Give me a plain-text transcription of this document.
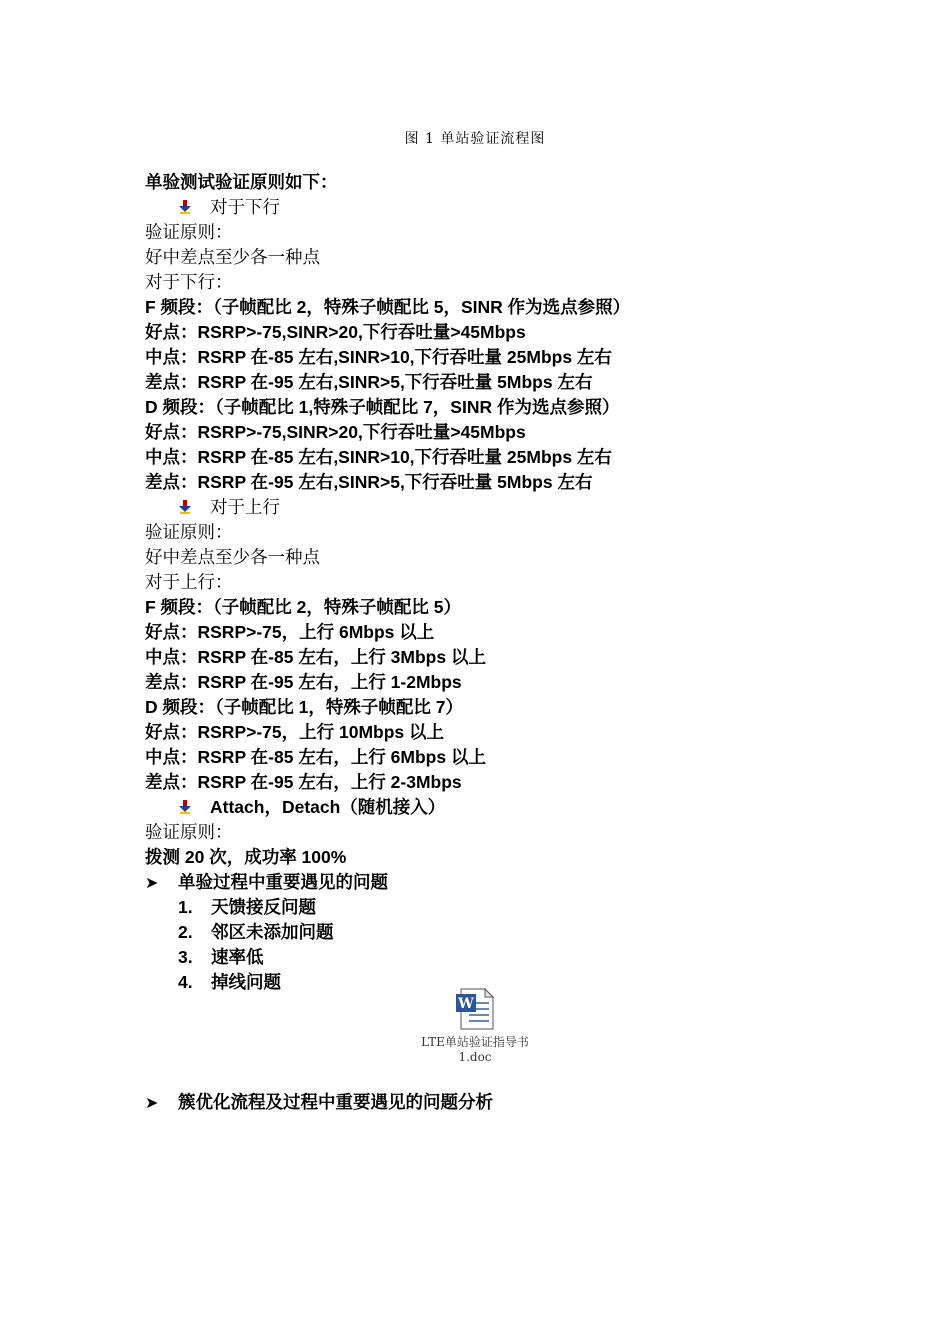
图 1 单站验证流程图
单验测试验证原则如下：
对于下行
验证原则：
好中差点至少各一种点
对于下行：
F 频段：（子帧配比 2，特殊子帧配比 5，SINR 作为选点参照）
好点：RSRP>-75,SINR>20,下行吞吐量>45Mbps
中点：RSRP 在-85 左右,SINR>10,下行吞吐量 25Mbps 左右
差点：RSRP 在-95 左右,SINR>5,下行吞吐量 5Mbps 左右
D 频段：（子帧配比 1,特殊子帧配比 7，SINR 作为选点参照）
好点：RSRP>-75,SINR>20,下行吞吐量>45Mbps
中点：RSRP 在-85 左右,SINR>10,下行吞吐量 25Mbps 左右
差点：RSRP 在-95 左右,SINR>5,下行吞吐量 5Mbps 左右
对于上行
验证原则：
好中差点至少各一种点
对于上行：
F 频段：（子帧配比 2，特殊子帧配比 5）
好点：RSRP>-75，上行 6Mbps 以上
中点：RSRP 在-85 左右，上行 3Mbps 以上
差点：RSRP 在-95 左右，上行 1-2Mbps
D 频段：（子帧配比 1，特殊子帧配比 7）
好点：RSRP>-75，上行 10Mbps 以上
中点：RSRP 在-85 左右，上行 6Mbps 以上
差点：RSRP 在-95 左右，上行 2-3Mbps
Attach，Detach（随机接入）
验证原则：
拨测 20 次，成功率 100%
➤ 单验过程中重要遇见的问题
1. 天馈接反问题
2. 邻区未添加问题
3. 速率低
4. 掉线问题
W
LTE单站验证指导书
1.doc
➤ 簇优化流程及过程中重要遇见的问题分析
